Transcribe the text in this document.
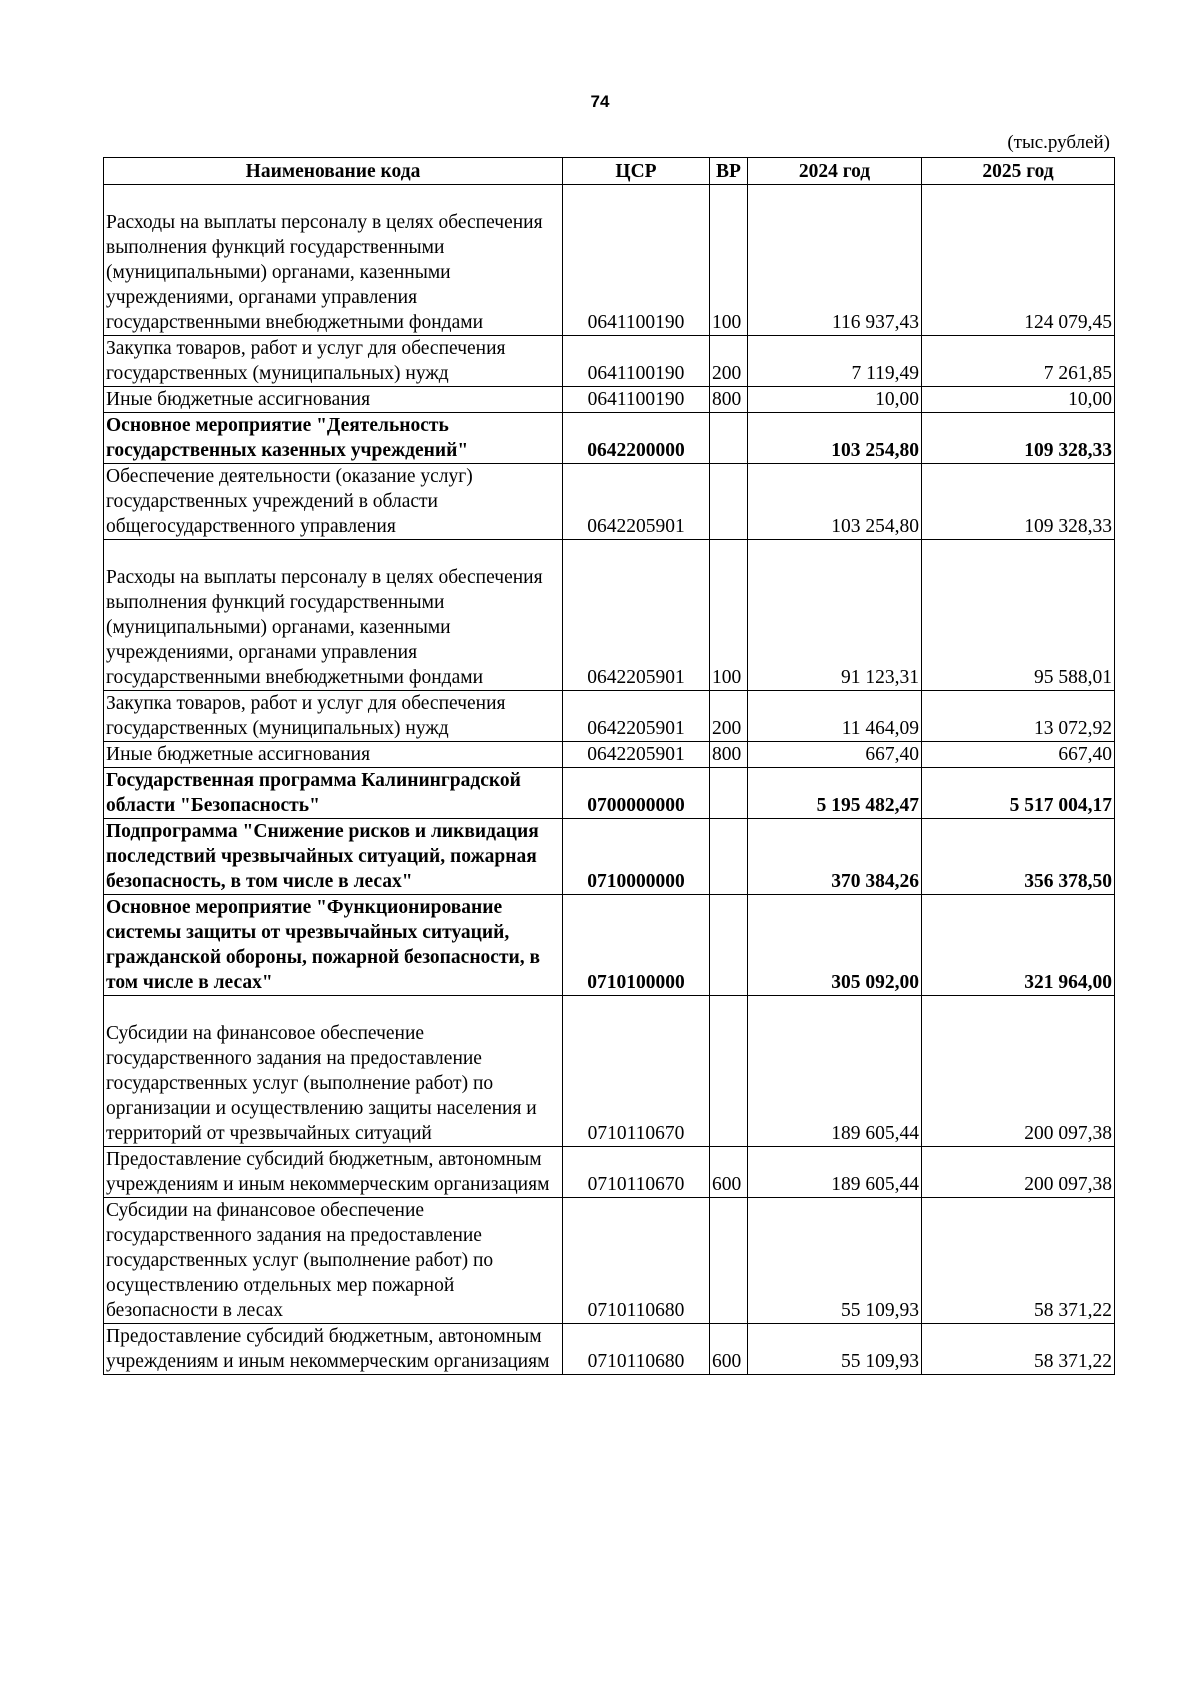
74
(тыс.рублей)
Наименование кода	ЦСР	ВР	2024 год	2025 год
Расходы на выплаты персоналу в целях обеспечения выполнения функций государственными (муниципальными) органами, казенными учреждениями, органами управления государственными внебюджетными фондами	0641100190	100	116 937,43	124 079,45
Закупка товаров, работ и услуг для обеспечения государственных (муниципальных) нужд	0641100190	200	7 119,49	7 261,85
Иные бюджетные ассигнования	0641100190	800	10,00	10,00
Основное мероприятие "Деятельность государственных казенных учреждений"	0642200000		103 254,80	109 328,33
Обеспечение деятельности (оказание услуг) государственных учреждений в области общегосударственного управления	0642205901		103 254,80	109 328,33
Расходы на выплаты персоналу в целях обеспечения выполнения функций государственными (муниципальными) органами, казенными учреждениями, органами управления государственными внебюджетными фондами	0642205901	100	91 123,31	95 588,01
Закупка товаров, работ и услуг для обеспечения государственных (муниципальных) нужд	0642205901	200	11 464,09	13 072,92
Иные бюджетные ассигнования	0642205901	800	667,40	667,40
Государственная программа Калининградской области "Безопасность"	0700000000		5 195 482,47	5 517 004,17
Подпрограмма "Снижение рисков и ликвидация последствий чрезвычайных ситуаций, пожарная безопасность, в том числе в лесах"	0710000000		370 384,26	356 378,50
Основное мероприятие "Функционирование системы защиты от чрезвычайных ситуаций, гражданской обороны, пожарной безопасности, в том числе в лесах"	0710100000		305 092,00	321 964,00
Субсидии на финансовое обеспечение государственного задания на предоставление государственных услуг (выполнение работ) по организации и осуществлению защиты населения и территорий от чрезвычайных ситуаций	0710110670		189 605,44	200 097,38
Предоставление субсидий бюджетным, автономным учреждениям и иным некоммерческим организациям	0710110670	600	189 605,44	200 097,38
Субсидии на финансовое обеспечение государственного задания на предоставление государственных услуг (выполнение работ) по осуществлению отдельных мер пожарной безопасности в лесах	0710110680		55 109,93	58 371,22
Предоставление субсидий бюджетным, автономным учреждениям и иным некоммерческим организациям	0710110680	600	55 109,93	58 371,22
